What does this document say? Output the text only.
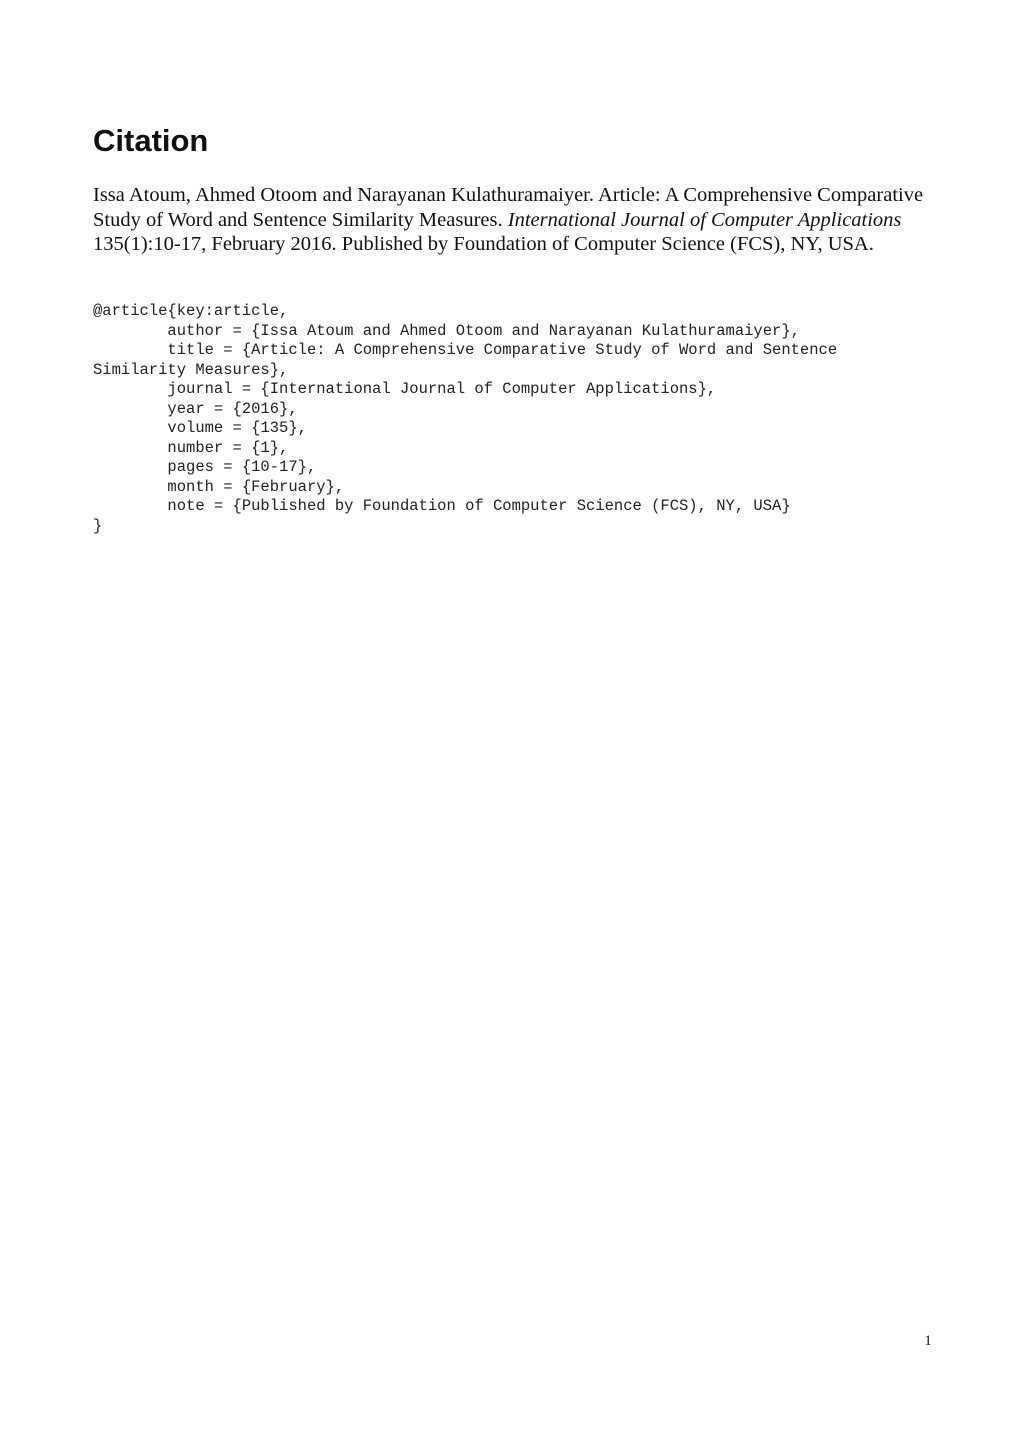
Citation

Issa Atoum, Ahmed Otoom and Narayanan Kulathuramaiyer. Article: A Comprehensive Comparative Study of Word and Sentence Similarity Measures. International Journal of Computer Applications 135(1):10-17, February 2016. Published by Foundation of Computer Science (FCS), NY, USA.

@article{key:article,
	author = {Issa Atoum and Ahmed Otoom and Narayanan Kulathuramaiyer},
	title = {Article: A Comprehensive Comparative Study of Word and Sentence
Similarity Measures},
	journal = {International Journal of Computer Applications},
	year = {2016},
	volume = {135},
	number = {1},
	pages = {10-17},
	month = {February},
	note = {Published by Foundation of Computer Science (FCS), NY, USA}
}
1
